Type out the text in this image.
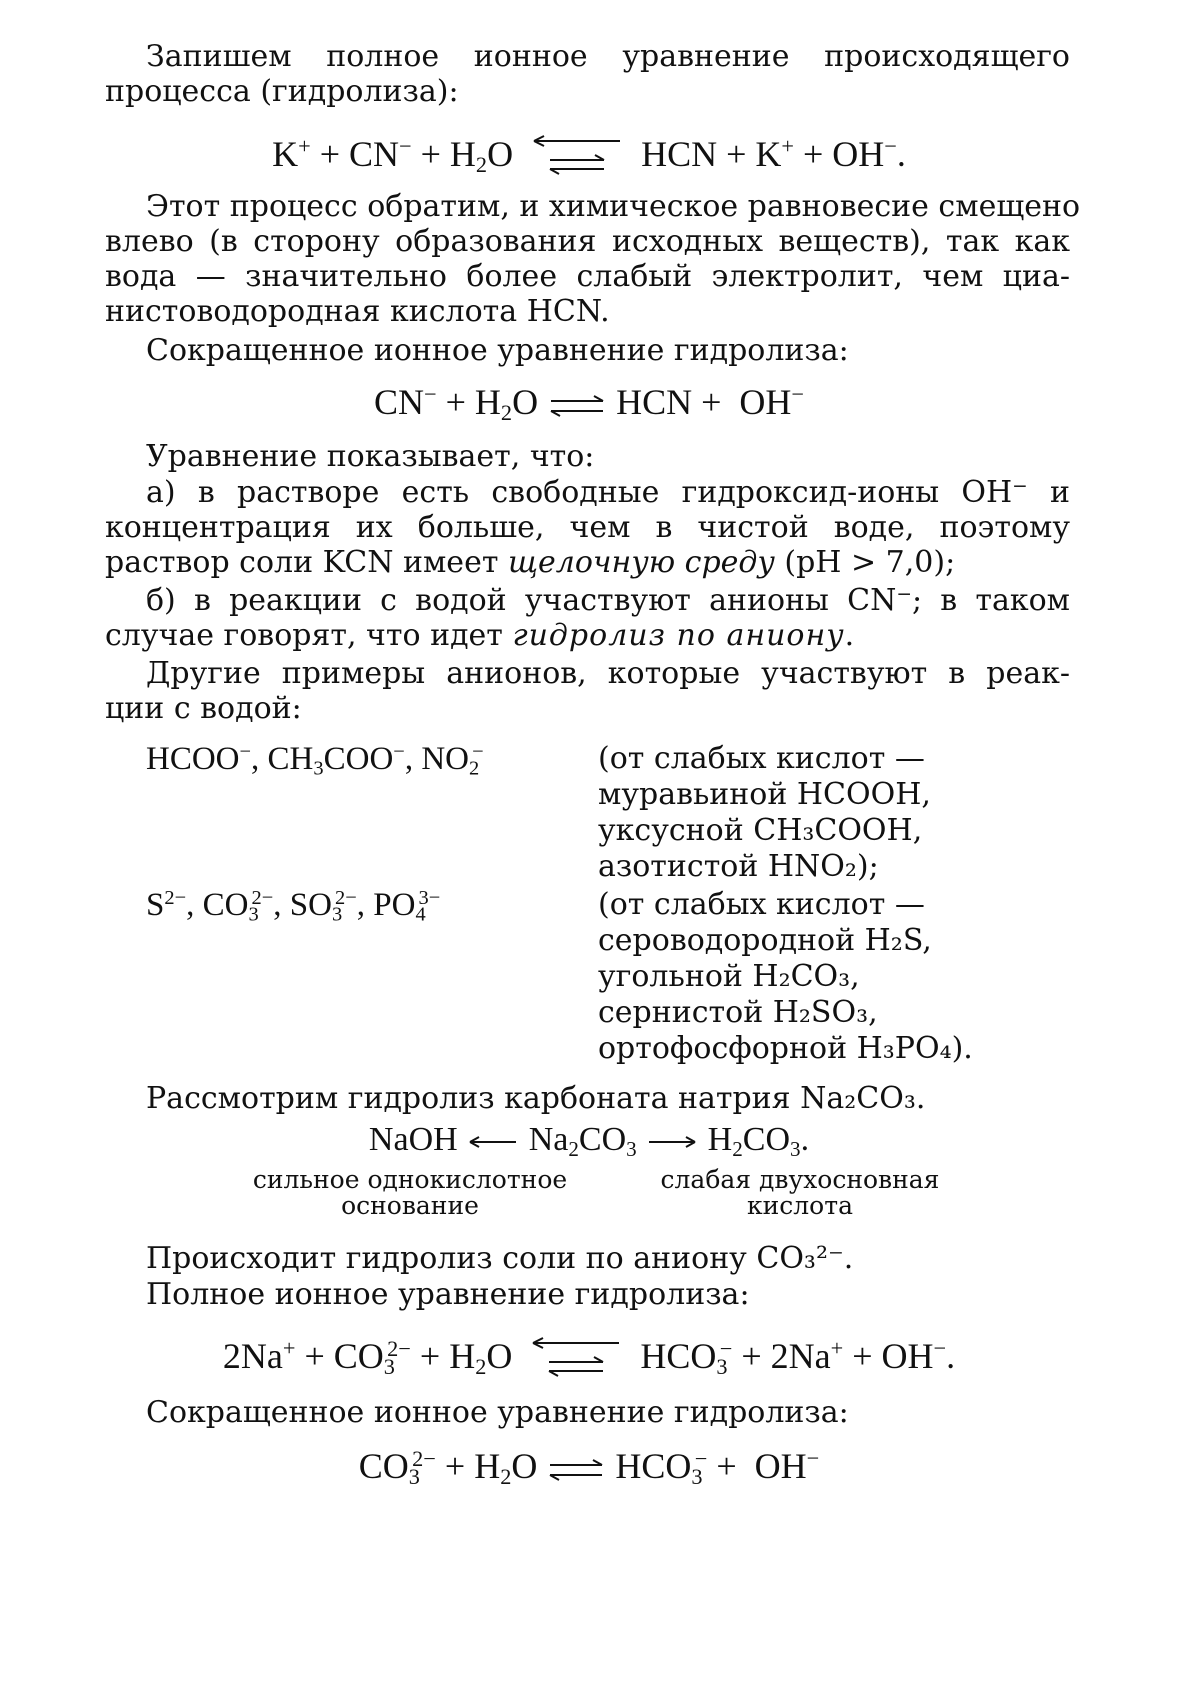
Запишем полное ионное уравнение происходящего
процесса (гидролиза):
$K^+ + CN^- + H_2O$	HCN + K+ + OH−.
Этот процесс обратим, и химическое равновесие смещено
влево (в сторону образования исходных веществ), так как
вода — значительно более слабый электролит, чем циа-
нистоводородная кислота HCN.
Сокращенное ионное уравнение гидролиза:
$CN^- + H_2O$ ⇌ HCN +  OH−
Уравнение показывает, что:
а) в растворе есть свободные гидроксид-ионы OH− и
концентрация их больше, чем в чистой воде, поэтому
раствор соли KCN имеет щелочную среду (pH > 7,0);
б) в реакции с водой участвуют анионы CN−; в таком
случае говорят, что идет гидролиз по аниону.
Другие примеры анионов, которые участвуют в реак-
ции с водой:
HCOO−, $CH_3COO^-$, $NO_2^-$	(от слабых кислот —
муравьиной HCOOH,
уксусной CH₃COOH,
азотистой HNO₂);
$S^{2-}$, $CO_3^{2-}$, $SO_3^{2-}$, $PO_4^{3-}$	(от слабых кислот —
сероводородной H₂S,
угольной H₂CO₃,
сернистой H₂SO₃,
ортофосфорной H₃PO₄).
Рассмотрим гидролиз карбоната натрия Na₂CO₃.
NaOH  $Na_2CO_3$  $H_2CO_3$.
сильное однокислотное
основание
слабая двухосновная
кислота
Происходит гидролиз соли по аниону CO₃²⁻.
Полное ионное уравнение гидролиза:
$2Na^+ + CO_3^{2-} + H_2O$	$HCO_3^- + 2Na^+ + OH^-$.
Сокращенное ионное уравнение гидролиза:
$CO_3^{2-} + H_2O$ ⇌ $HCO_3^- + OH^-$
